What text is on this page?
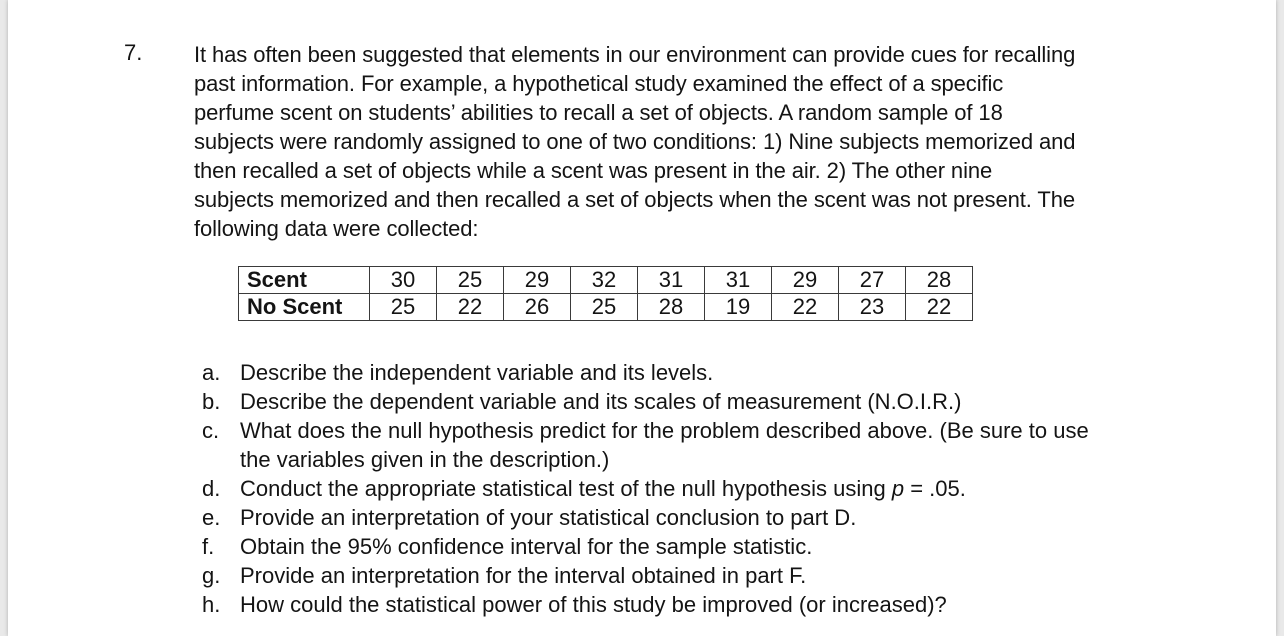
7. It has often been suggested that elements in our environment can provide cues for recalling
past information. For example, a hypothetical study examined the effect of a specific
perfume scent on students’ abilities to recall a set of objects. A random sample of 18
subjects were randomly assigned to one of two conditions: 1) Nine subjects memorized and
then recalled a set of objects while a scent was present in the air. 2) The other nine
subjects memorized and then recalled a set of objects when the scent was not present. The
following data were collected:
Scent	30	25	29	32	31	31	29	27	28
No Scent	25	22	26	25	28	19	22	23	22
a. Describe the independent variable and its levels.
b. Describe the dependent variable and its scales of measurement (N.O.I.R.)
c. What does the null hypothesis predict for the problem described above. (Be sure to use
the variables given in the description.)
d. Conduct the appropriate statistical test of the null hypothesis using p = .05.
e. Provide an interpretation of your statistical conclusion to part D.
f. Obtain the 95% confidence interval for the sample statistic.
g. Provide an interpretation for the interval obtained in part F.
h. How could the statistical power of this study be improved (or increased)?
